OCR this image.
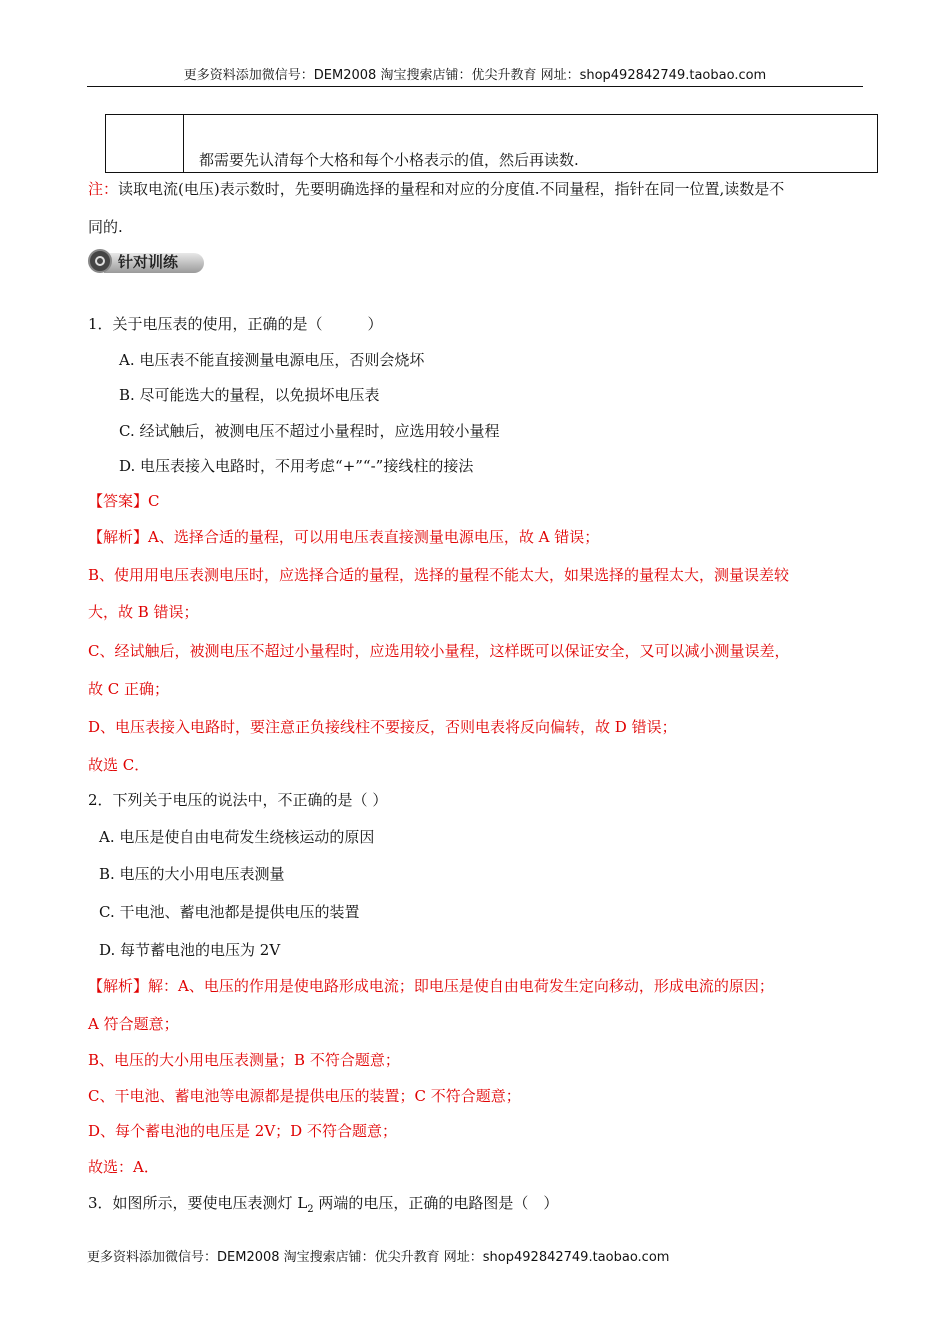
更多资料添加微信号：DEM2008 淘宝搜索店铺：优尖升教育 网址：shop492842749.taobao.com
都需要先认清每个大格和每个小格表示的值，然后再读数.
注：读取电流(电压)表示数时，先要明确选择的量程和对应的分度值.不同量程，指针在同一位置,读数是不
同的.
针对训练
1．关于电压表的使用，正确的是（　　　）
A. 电压表不能直接测量电源电压，否则会烧坏
B. 尽可能选大的量程，以免损坏电压表
C. 经试触后，被测电压不超过小量程时，应选用较小量程
D. 电压表接入电路时，不用考虑“+”“-”接线柱的接法
【答案】C
【解析】A、选择合适的量程，可以用电压表直接测量电源电压，故 A 错误；
B、使用用电压表测电压时，应选择合适的量程，选择的量程不能太大，如果选择的量程太大，测量误差较
大，故 B 错误；
C、经试触后，被测电压不超过小量程时，应选用较小量程，这样既可以保证安全，又可以减小测量误差，
故 C 正确；
D、电压表接入电路时，要注意正负接线柱不要接反，否则电表将反向偏转，故 D 错误；
故选 C．
2．下列关于电压的说法中，不正确的是（ ）
A. 电压是使自由电荷发生绕核运动的原因
B. 电压的大小用电压表测量
C. 干电池、蓄电池都是提供电压的装置
D. 每节蓄电池的电压为 2V
【解析】解：A、电压的作用是使电路形成电流；即电压是使自由电荷发生定向移动，形成电流的原因；
A 符合题意；
B、电压的大小用电压表测量；B 不符合题意；
C、干电池、蓄电池等电源都是提供电压的装置；C 不符合题意；
D、每个蓄电池的电压是 2V；D 不符合题意；
故选：A．
3．如图所示，要使电压表测灯 $L_2$ 两端的电压，正确的电路图是（　）
更多资料添加微信号：DEM2008 淘宝搜索店铺：优尖升教育 网址：shop492842749.taobao.com
